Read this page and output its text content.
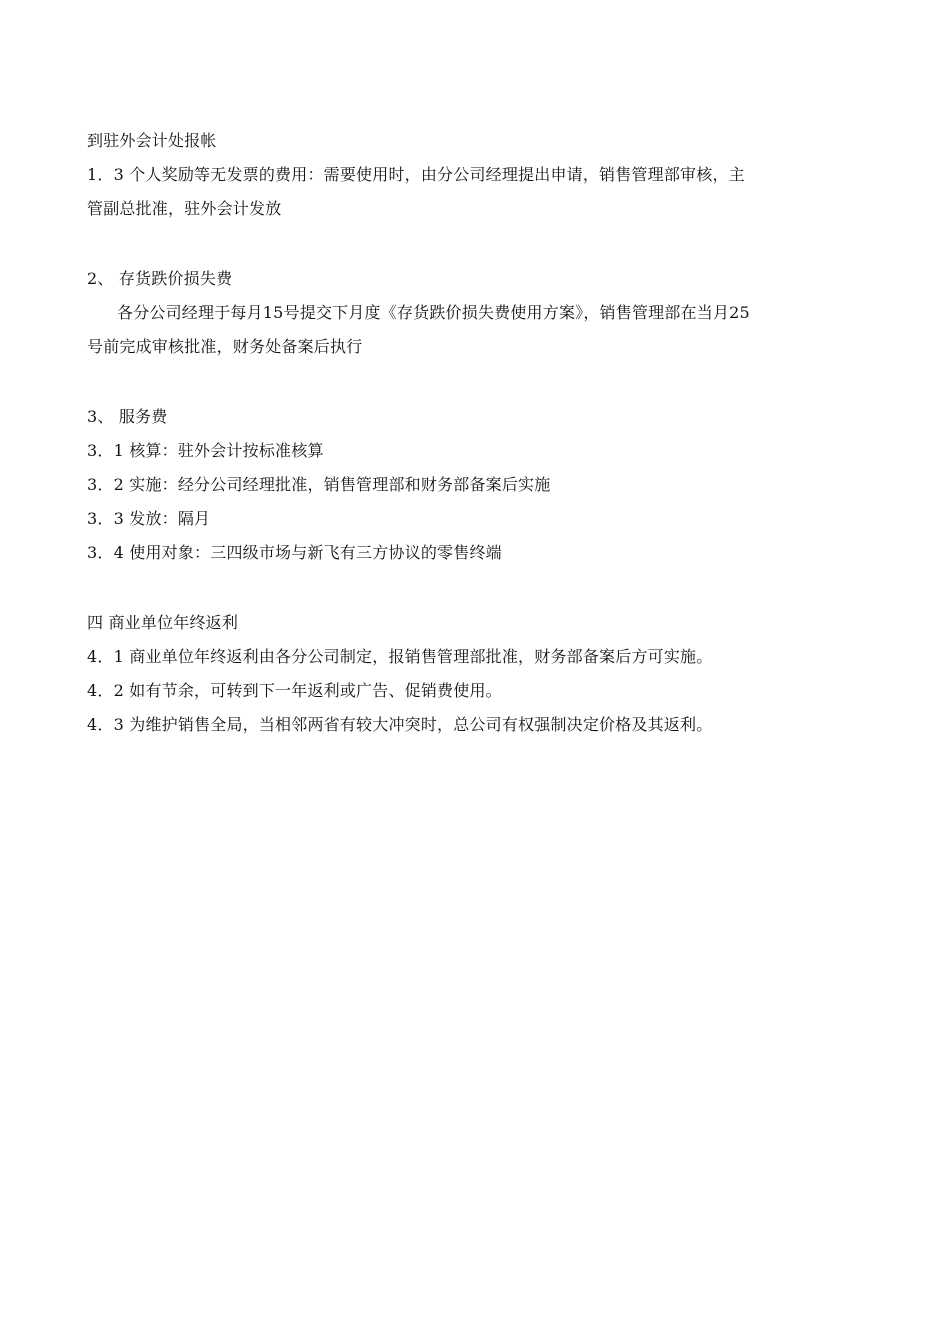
到驻外会计处报帐
1．3 个人奖励等无发票的费用：需要使用时，由分公司经理提出申请，销售管理部审核，主
管副总批准，驻外会计发放
2、 存货跌价损失费
各分公司经理于每月15号提交下月度《存货跌价损失费使用方案》，销售管理部在当月25
号前完成审核批准，财务处备案后执行
3、 服务费
3．1 核算：驻外会计按标准核算
3．2 实施：经分公司经理批准，销售管理部和财务部备案后实施
3．3 发放：隔月
3．4 使用对象：三四级市场与新飞有三方协议的零售终端
四 商业单位年终返利
4．1 商业单位年终返利由各分公司制定，报销售管理部批准，财务部备案后方可实施。
4．2 如有节余，可转到下一年返利或广告、促销费使用。
4．3 为维护销售全局，当相邻两省有较大冲突时，总公司有权强制决定价格及其返利。
